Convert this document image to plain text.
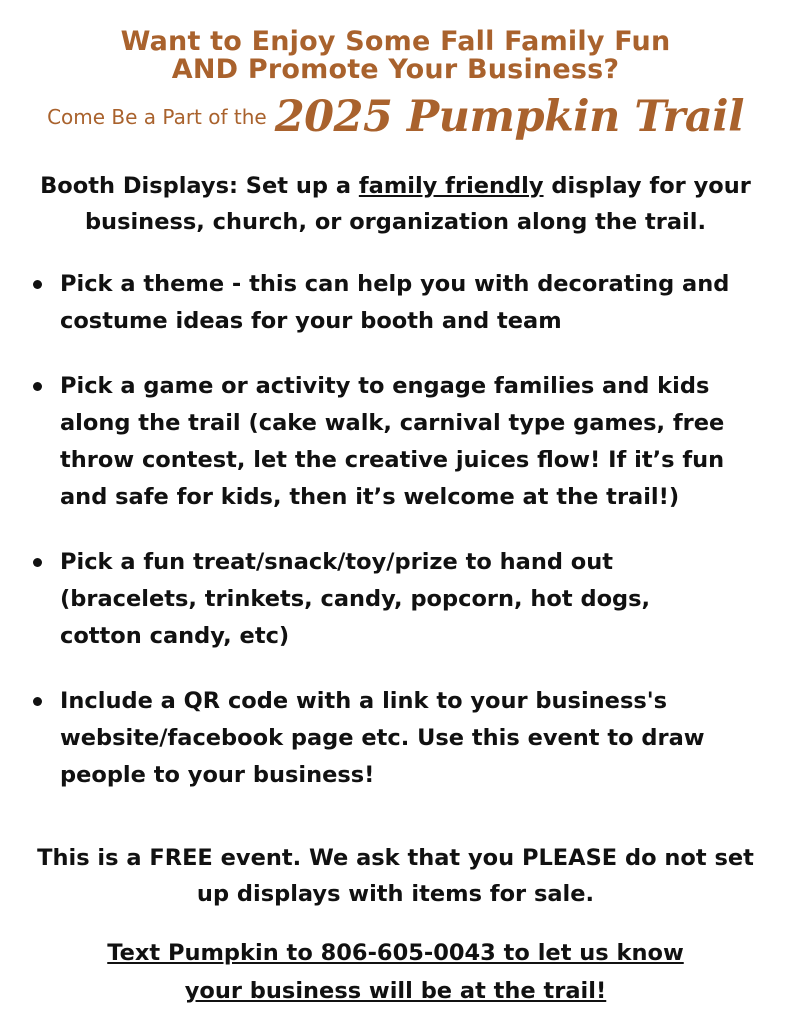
Want to Enjoy Some Fall Family Fun
AND Promote Your Business?
Come Be a Part of the 2025 Pumpkin Trail
Booth Displays: Set up a family friendly display for your
business, church, or organization along the trail.
Pick a theme - this can help you with decorating and
costume ideas for your booth and team
Pick a game or activity to engage families and kids
along the trail (cake walk, carnival type games, free
throw contest, let the creative juices flow! If it’s fun
and safe for kids, then it’s welcome at the trail!)
Pick a fun treat/snack/toy/prize to hand out
(bracelets, trinkets, candy, popcorn, hot dogs,
cotton candy, etc)
Include a QR code with a link to your business's
website/facebook page etc. Use this event to draw
people to your business!
This is a FREE event. We ask that you PLEASE do not set
up displays with items for sale.
Text Pumpkin to 806-605-0043 to let us know
your business will be at the trail!
